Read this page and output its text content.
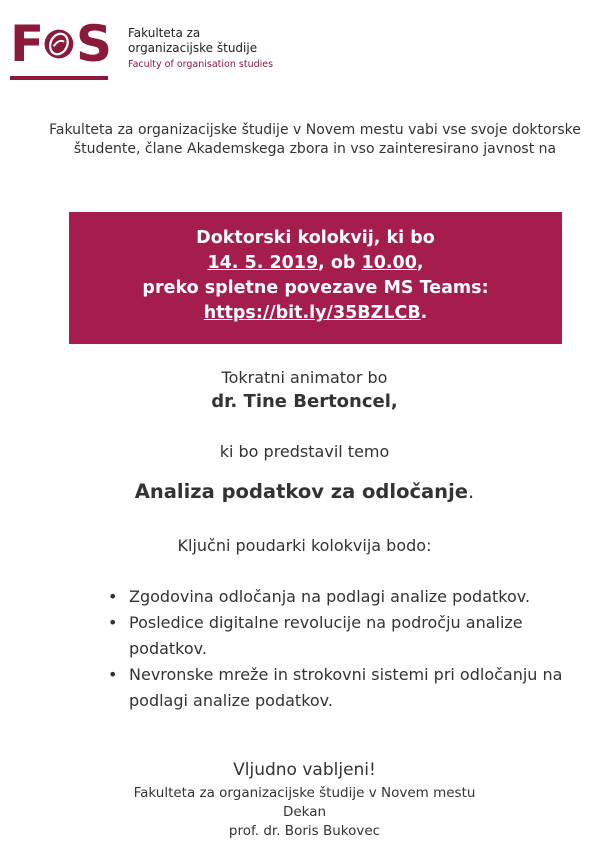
F S Fakulteta za
organizacijske študije
Faculty of organisation studies
Fakulteta za organizacijske študije v Novem mestu vabi vse svoje doktorske študente, člane Akademskega zbora in vso zainteresirano javnost na
Doktorski kolokvij, ki bo
14. 5. 2019, ob 10.00,
preko spletne povezave MS Teams:
https://bit.ly/35BZLCB.
Tokratni animator bo
dr. Tine Bertoncel,
ki bo predstavil temo
Analiza podatkov za odločanje.
Ključni poudarki kolokvija bodo:
• Zgodovina odločanja na podlagi analize podatkov.
• Posledice digitalne revolucije na področju analize podatkov.
• Nevronske mreže in strokovni sistemi pri odločanju na podlagi analize podatkov.
Vljudno vabljeni!
Fakulteta za organizacijske študije v Novem mestu
Dekan
prof. dr. Boris Bukovec
